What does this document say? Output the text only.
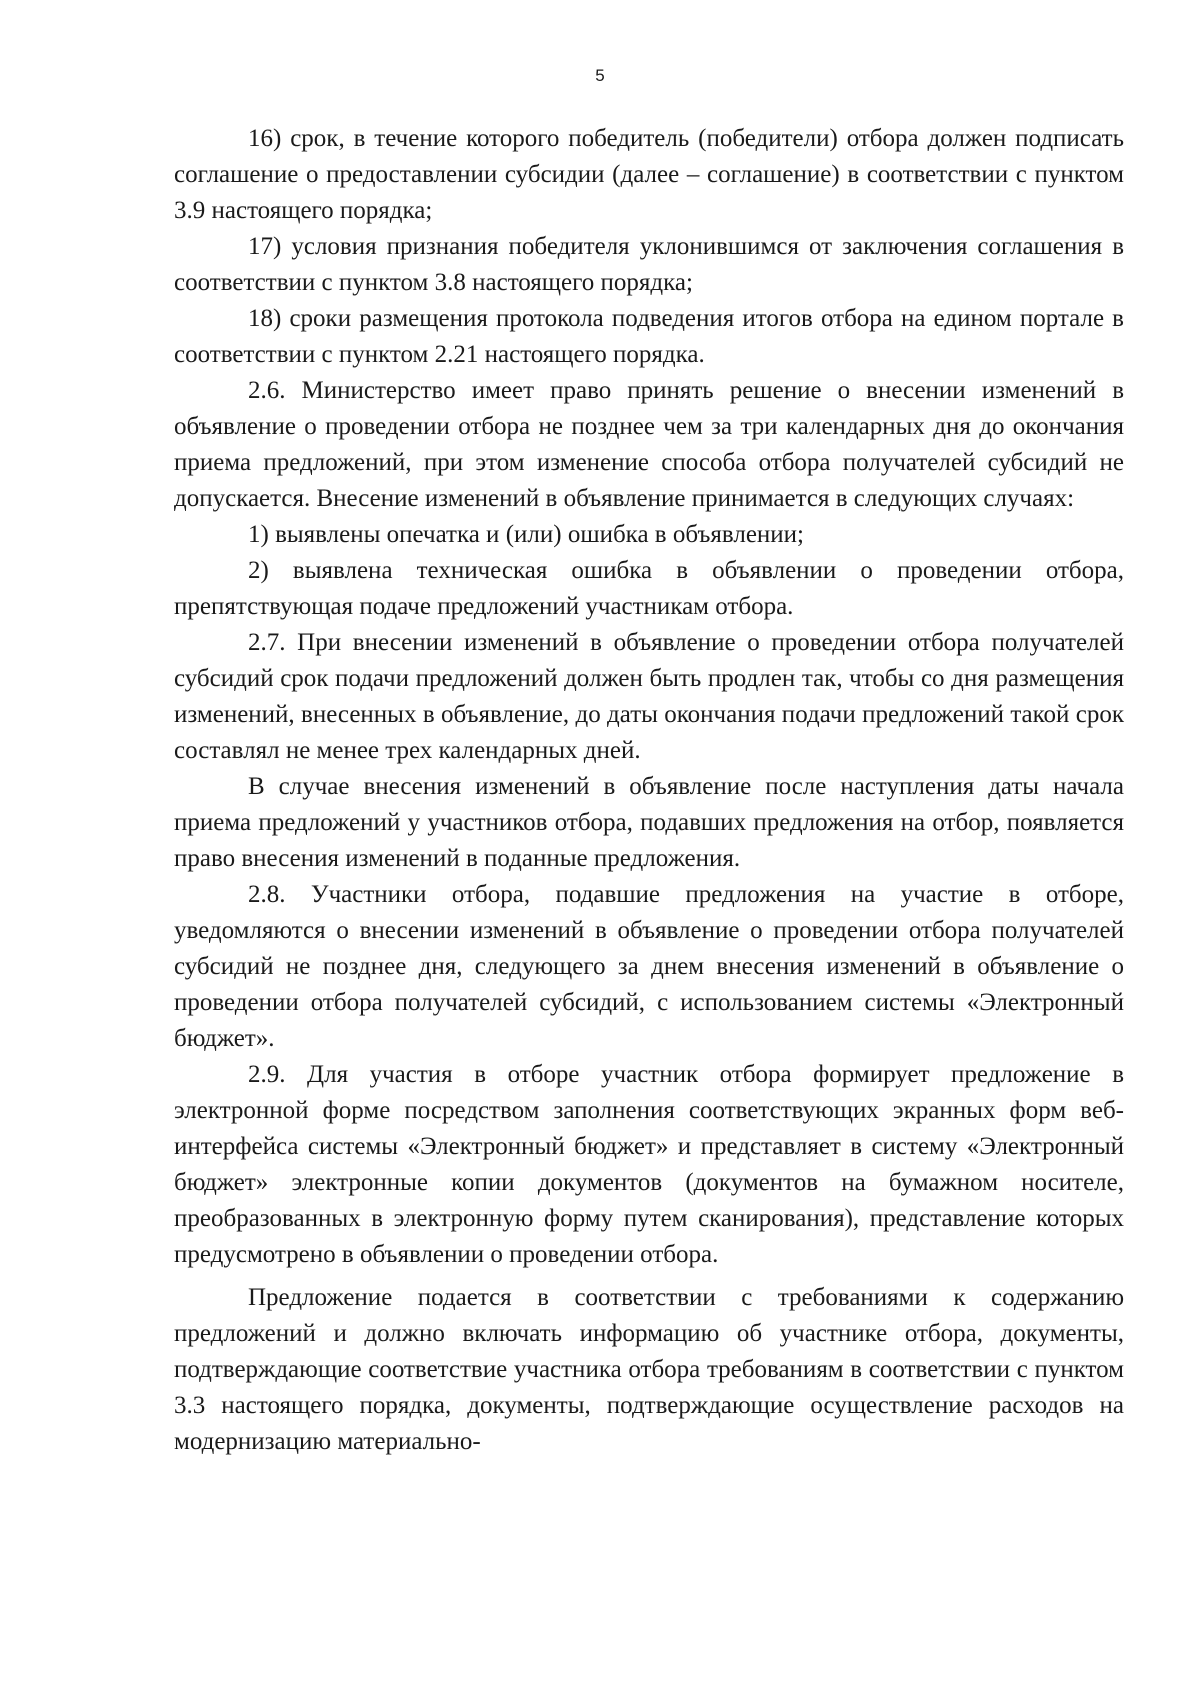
5

16) срок, в течение которого победитель (победители) отбора должен подписать соглашение о предоставлении субсидии (далее – соглашение) в соответствии с пунктом 3.9 настоящего порядка;

17) условия признания победителя уклонившимся от заключения соглашения в соответствии с пунктом 3.8 настоящего порядка;

18) сроки размещения протокола подведения итогов отбора на едином портале в соответствии с пунктом 2.21 настоящего порядка.

2.6. Министерство имеет право принять решение о внесении изменений в объявление о проведении отбора не позднее чем за три календарных дня до окончания приема предложений, при этом изменение способа отбора получателей субсидий не допускается. Внесение изменений в объявление принимается в следующих случаях:

1) выявлены опечатка и (или) ошибка в объявлении;

2) выявлена техническая ошибка в объявлении о проведении отбора, препятствующая подаче предложений участникам отбора.

2.7. При внесении изменений в объявление о проведении отбора получателей субсидий срок подачи предложений должен быть продлен так, чтобы со дня размещения изменений, внесенных в объявление, до даты окончания подачи предложений такой срок составлял не менее трех календарных дней.

В случае внесения изменений в объявление после наступления даты начала приема предложений у участников отбора, подавших предложения на отбор, появляется право внесения изменений в поданные предложения.

2.8. Участники отбора, подавшие предложения на участие в отборе, уведомляются о внесении изменений в объявление о проведении отбора получателей субсидий не позднее дня, следующего за днем внесения изменений в объявление о проведении отбора получателей субсидий, с использованием системы «Электронный бюджет».

2.9. Для участия в отборе участник отбора формирует предложение в электронной форме посредством заполнения соответствующих экранных форм веб-интерфейса системы «Электронный бюджет» и представляет в систему «Электронный бюджет» электронные копии документов (документов на бумажном носителе, преобразованных в электронную форму путем сканирования), представление которых предусмотрено в объявлении о проведении отбора.

Предложение подается в соответствии с требованиями к содержанию предложений и должно включать информацию об участнике отбора, документы, подтверждающие соответствие участника отбора требованиям в соответствии с пунктом 3.3 настоящего порядка, документы, подтверждающие осуществление расходов на модернизацию материально-
